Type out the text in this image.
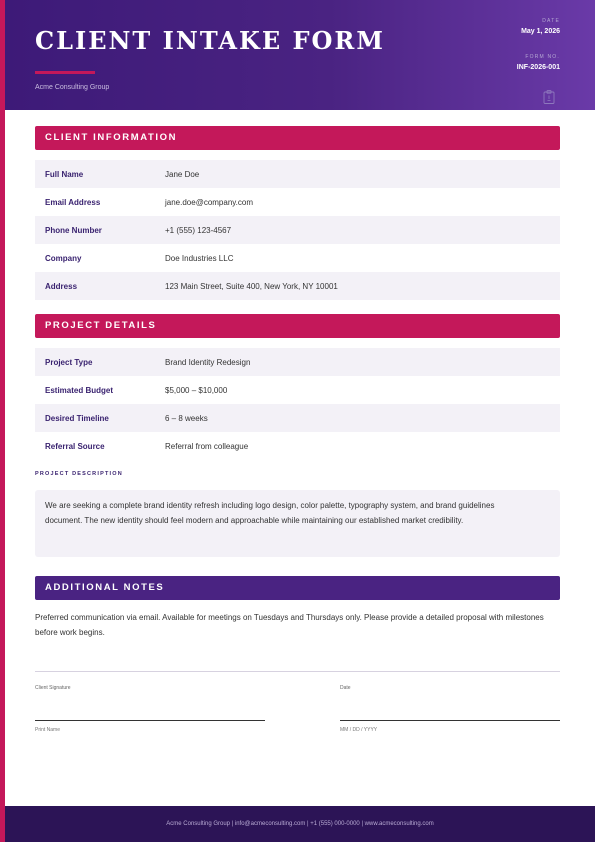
CLIENT INTAKE FORM
Acme Consulting Group
DATE
May 1, 2026
FORM NO.
INF-2026-001
CLIENT INFORMATION
Full Name	Jane Doe
Email Address	jane.doe@company.com
Phone Number	+1 (555) 123-4567
Company	Doe Industries LLC
Address	123 Main Street, Suite 400, New York, NY 10001
PROJECT DETAILS
Project Type	Brand Identity Redesign
Estimated Budget	$5,000 – $10,000
Desired Timeline	6 – 8 weeks
Referral Source	Referral from colleague
PROJECT DESCRIPTION

We are seeking a complete brand identity refresh including logo design, color palette, typography system, and brand guidelines document. The new identity should feel modern and approachable while maintaining our established market credibility.

ADDITIONAL NOTES
Preferred communication via email. Available for meetings on Tuesdays and Thursdays only. Please provide a detailed proposal with milestones before work begins.
Client Signature
Print Name
Date
MM / DD / YYYY
Acme Consulting Group | info@acmeconsulting.com | +1 (555) 000-0000 | www.acmeconsulting.com
